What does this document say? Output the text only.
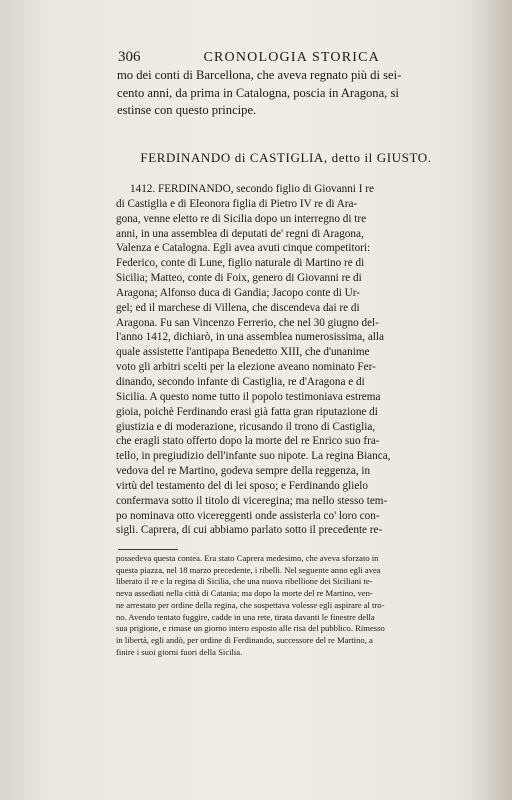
306	CRONOLOGIA STORICA
mo dei conti di Barcellona, che aveva regnato più di sei-
cento anni, da prima in Catalogna, poscia in Aragona, si
estinse con questo principe.
FERDINANDO di CASTIGLIA, detto il GIUSTO.
1412. FERDINANDO, secondo figlio di Giovanni I re
di Castiglia e di Eleonora figlia di Pietro IV re di Ara-
gona, venne eletto re di Sicilia dopo un interregno di tre
anni, in una assemblea di deputati de' regni di Aragona,
Valenza e Catalogna. Egli avea avuti cinque competitori:
Federico, conte di Lune, figlio naturale di Martino re di
Sicilia; Matteo, conte di Foix, genero di Giovanni re di
Aragona; Alfonso duca di Gandia; Jacopo conte di Ur-
gel; ed il marchese di Villena, che discendeva dai re di
Aragona. Fu san Vincenzo Ferrerio, che nel 30 giugno del-
l'anno 1412, dichiarò, in una assemblea numerosissima, alla
quale assistette l'antipapa Benedetto XIII, che d'unanime
voto gli arbitri scelti per la elezione aveano nominato Fer-
dinando, secondo infante di Castiglia, re d'Aragona e di
Sicilia. A questo nome tutto il popolo testimoniava estrema
gioia, poichè Ferdinando erasi già fatta gran riputazione di
giustizia e di moderazione, ricusando il trono di Castiglia,
che eragli stato offerto dopo la morte del re Enrico suo fra-
tello, in pregiudizio dell'infante suo nipote. La regina Bianca,
vedova del re Martino, godeva sempre della reggenza, in
virtù del testamento del di lei sposo; e Ferdinando glielo
confermava sotto il titolo di viceregina; ma nello stesso tem-
po nominava otto vicereggenti onde assisterla co' loro con-
sigli. Caprera, di cui abbiamo parlato sotto il precedente re-
possedeva questa contea. Era stato Caprera medesimo, che aveva sforzato in
questa piazza, nel 18 marzo precedente, i ribelli. Nel seguente anno egli avea
liberato il re e la regina di Sicilia, che una nuova ribellione dei Siciliani te-
neva assediati nella città di Catania; ma dopo la morte del re Martino, ven-
ne arrestato per ordine della regina, che sospettava volesse egli aspirare al tro-
no. Avendo tentato fuggire, cadde in una rete, tirata davanti le finestre della
sua prigione, e rimase un giorno intero esposto alle risa del pubblico. Rimesso
in libertà, egli andò, per ordine di Ferdinando, successore del re Martino, a
finire i suoi giorni fuori della Sicilia.
